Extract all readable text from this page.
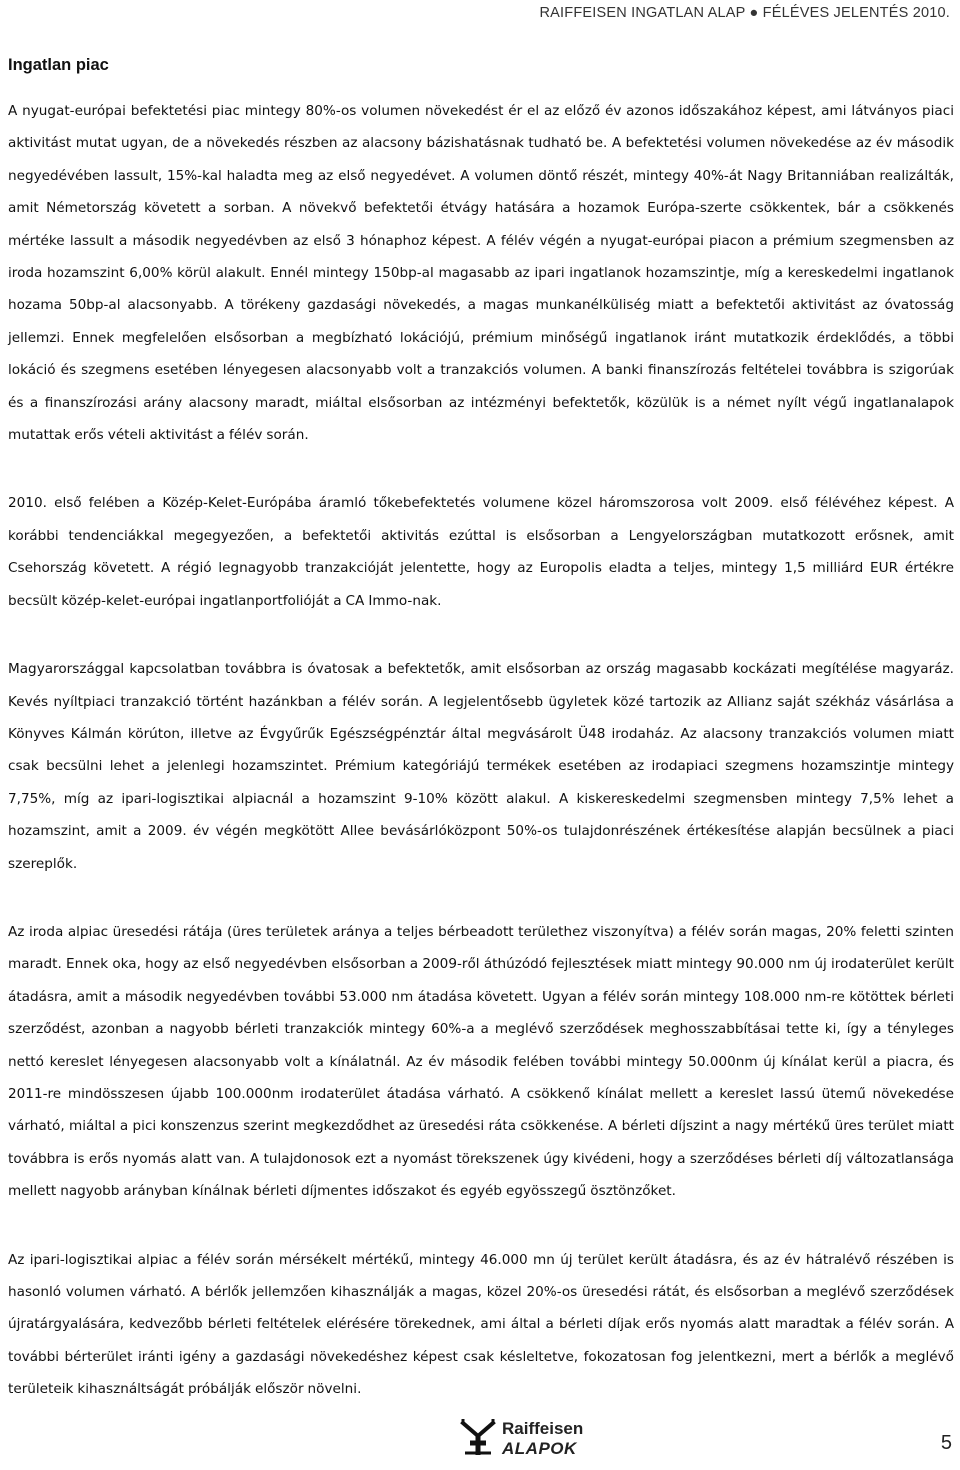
RAIFFEISEN INGATLAN ALAP ● FÉLÉVES JELENTÉS 2010.
Ingatlan piac

A nyugat-európai befektetési piac mintegy 80%-os volumen növekedést ér el az előző év azonos időszakához képest, ami látványos piaci aktivitást mutat ugyan, de a növekedés részben az alacsony bázishatásnak tudható be. A befektetési volumen növekedése az év második negyedévében lassult, 15%-kal haladta meg az első negyedévet. A volumen döntő részét, mintegy 40%-át Nagy Britanniában realizálták, amit Németország követett a sorban. A növekvő befektetői étvágy hatására a hozamok Európa-szerte csökkentek, bár a csökkenés mértéke lassult a második negyedévben az első 3 hónaphoz képest. A félév végén a nyugat-európai piacon a prémium szegmensben az iroda hozamszint 6,00% körül alakult. Ennél mintegy 150bp-al magasabb az ipari ingatlanok hozamszintje, míg a kereskedelmi ingatlanok hozama 50bp-al alacsonyabb. A törékeny gazdasági növekedés, a magas munkanélküliség miatt a befektetői aktivitást az óvatosság jellemzi. Ennek megfelelően elsősorban a megbízható lokációjú, prémium minőségű ingatlanok iránt mutatkozik érdeklődés, a többi lokáció és szegmens esetében lényegesen alacsonyabb volt a tranzakciós volumen. A banki finanszírozás feltételei továbbra is szigorúak és a finanszírozási arány alacsony maradt, miáltal elsősorban az intézményi befektetők, közülük is a német nyílt végű ingatlanalapok mutattak erős vételi aktivitást a félév során.

2010. első felében a Közép-Kelet-Európába áramló tőkebefektetés volumene közel háromszorosa volt 2009. első félévéhez képest. A korábbi tendenciákkal megegyezően, a befektetői aktivitás ezúttal is elsősorban a Lengyelországban mutatkozott erősnek, amit Csehország követett. A régió legnagyobb tranzakcióját jelentette, hogy az Europolis eladta a teljes, mintegy 1,5 milliárd EUR értékre becsült közép-kelet-európai ingatlanportfolióját a CA Immo-nak.

Magyarországgal kapcsolatban továbbra is óvatosak a befektetők, amit elsősorban az ország magasabb kockázati megítélése magyaráz. Kevés nyíltpiaci tranzakció történt hazánkban a félév során. A legjelentősebb ügyletek közé tartozik az Allianz saját székház vásárlása a Könyves Kálmán körúton, illetve az Évgyűrűk Egészségpénztár által megvásárolt Ü48 irodaház. Az alacsony tranzakciós volumen miatt csak becsülni lehet a jelenlegi hozamszintet. Prémium kategóriájú termékek esetében az irodapiaci szegmens hozamszintje mintegy 7,75%, míg az ipari-logisztikai alpiacnál a hozamszint 9-10% között alakul. A kiskereskedelmi szegmensben mintegy 7,5% lehet a hozamszint, amit a 2009. év végén megkötött Allee bevásárlóközpont 50%-os tulajdonrészének értékesítése alapján becsülnek a piaci szereplők.

Az iroda alpiac üresedési rátája (üres területek aránya a teljes bérbeadott területhez viszonyítva) a félév során magas, 20% feletti szinten maradt. Ennek oka, hogy az első negyedévben elsősorban a 2009-ről áthúzódó fejlesztések miatt mintegy 90.000 nm új irodaterület került átadásra, amit a második negyedévben további 53.000 nm átadása követett. Ugyan a félév során mintegy 108.000 nm-re kötöttek bérleti szerződést, azonban a nagyobb bérleti tranzakciók mintegy 60%-a a meglévő szerződések meghosszabbításai tette ki, így a tényleges nettó kereslet lényegesen alacsonyabb volt a kínálatnál. Az év második felében további mintegy 50.000nm új kínálat kerül a piacra, és 2011-re mindösszesen újabb 100.000nm irodaterület átadása várható. A csökkenő kínálat mellett a kereslet lassú ütemű növekedése várható, miáltal a pici konszenzus szerint megkezdődhet az üresedési ráta csökkenése. A bérleti díjszint a nagy mértékű üres terület miatt továbbra is erős nyomás alatt van. A tulajdonosok ezt a nyomást törekszenek úgy kivédeni, hogy a szerződéses bérleti díj változatlansága mellett nagyobb arányban kínálnak bérleti díjmentes időszakot és egyéb egyösszegű ösztönzőket.

Az ipari-logisztikai alpiac a félév során mérsékelt mértékű, mintegy 46.000 mn új terület került átadásra, és az év hátralévő részében is hasonló volumen várható. A bérlők jellemzően kihasználják a magas, közel 20%-os üresedési rátát, és elsősorban a meglévő szerződések újratárgyalására, kedvezőbb bérleti feltételek elérésére törekednek, ami által a bérleti díjak erős nyomás alatt maradtak a félév során. A további bérterület iránti igény a gazdasági növekedéshez képest csak késleltetve, fokozatosan fog jelentkezni, mert a bérlők a meglévő területeik kihasználtságát próbálják először növelni.

Raiffeisen
ALAPOK	5
